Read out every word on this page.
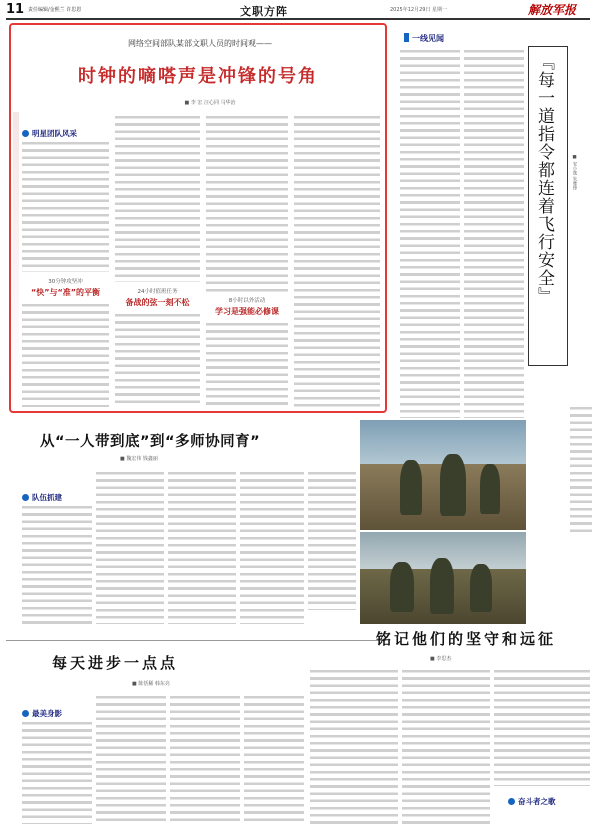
11 责任编辑/金熙兰 许思恩	文职方阵	2025年12月29日 星期一	解放军报
网络空间部队某部文职人员的时间观——
时钟的嘀嗒声是冲锋的号角
■ 李 宏 汪心同 马华治
明星团队风采
30分钟攻坚冲
“快”与“准”的平衡	24小时值班任务
备战的弦一刻不松	8小时以外活动
学习是强能必修课
一线见闻
『每一道指令都连着飞行安全』	■ 安小逸 朱雅锋
从“一人带到底”到“多师协同育”
■ 魏宏伟 钱鑫丽
队伍抓建
每天进步一点点
■ 陈恬稀 韩东亮
最美身影
铭记他们的坚守和远征
■ 李思杰
奋斗者之歌
